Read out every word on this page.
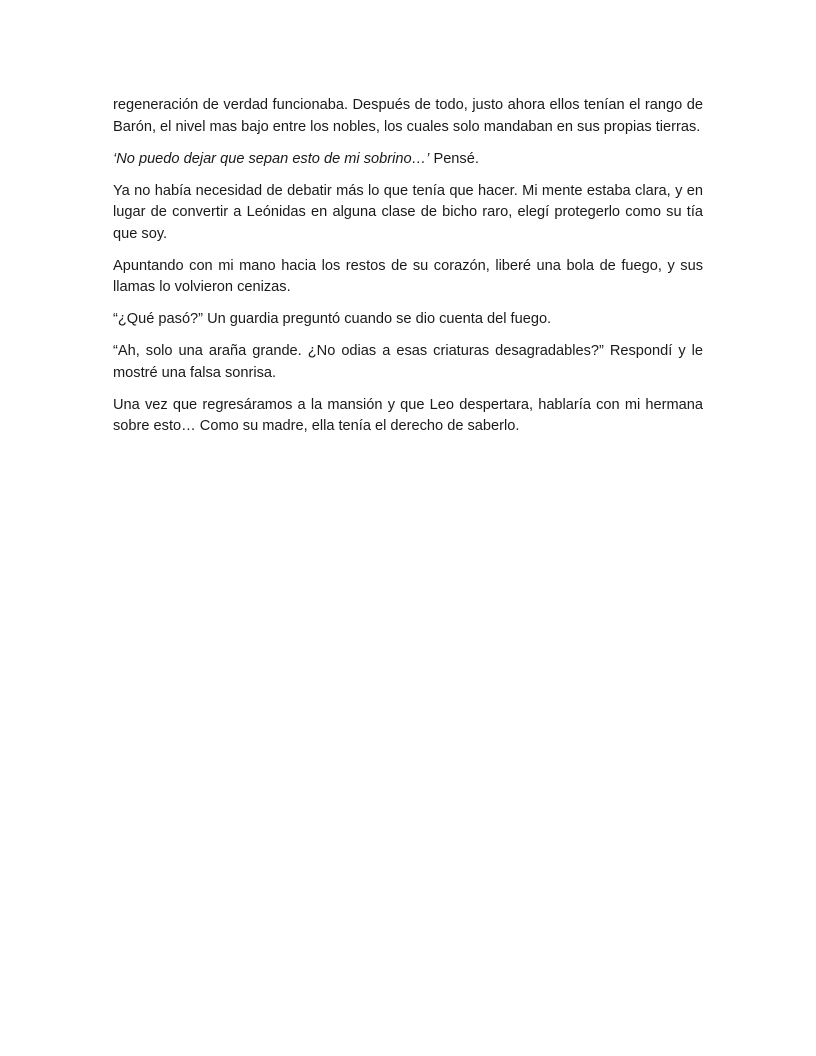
regeneración de verdad funcionaba. Después de todo, justo ahora ellos tenían el rango de Barón, el nivel mas bajo entre los nobles, los cuales solo mandaban en sus propias tierras.

‘No puedo dejar que sepan esto de mi sobrino…’ Pensé.

Ya no había necesidad de debatir más lo que tenía que hacer. Mi mente estaba clara, y en lugar de convertir a Leónidas en alguna clase de bicho raro, elegí protegerlo como su tía que soy.

Apuntando con mi mano hacia los restos de su corazón, liberé una bola de fuego, y sus llamas lo volvieron cenizas.

“¿Qué pasó?” Un guardia preguntó cuando se dio cuenta del fuego.

“Ah, solo una araña grande. ¿No odias a esas criaturas desagradables?” Respondí y le mostré una falsa sonrisa.

Una vez que regresáramos a la mansión y que Leo despertara, hablaría con mi hermana sobre esto… Como su madre, ella tenía el derecho de saberlo.
